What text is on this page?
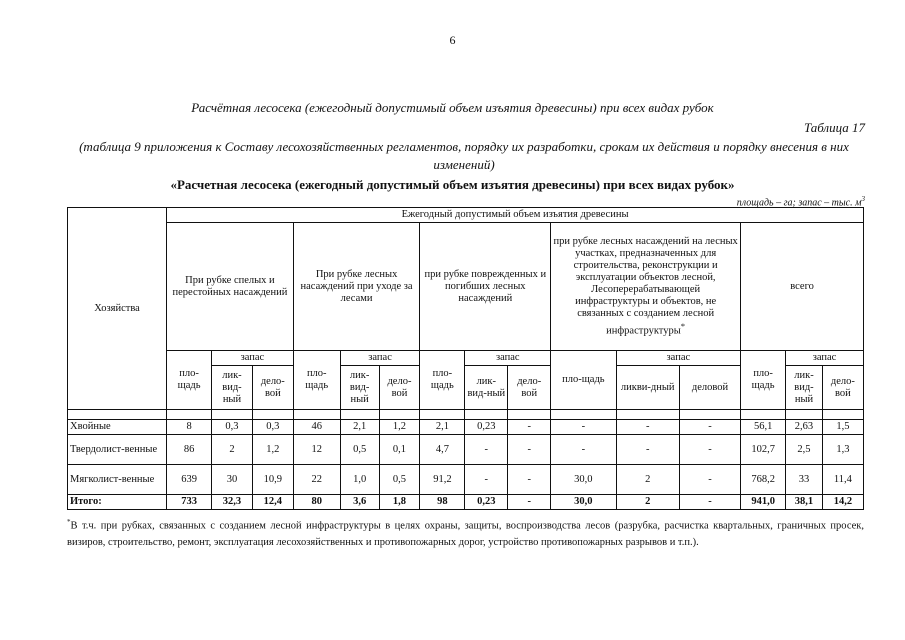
6
Расчётная лесосека (ежегодный допустимый объем изъятия древесины) при всех видах рубок
Таблица 17
(таблица 9 приложения к Составу лесохозяйственных регламентов, порядку их разработки, срокам их действия и порядку внесения в них изменений)
«Расчетная лесосека (ежегодный допустимый объем изъятия древесины) при всех видах рубок»
площадь – га; запас – тыс. $м^3$
Хозяйства	Ежегодный допустимый объем изъятия древесины														
	При рубке спелых и перестойных насаждений			При рубке лесных насаждений при уходе за лесами			при рубке поврежденных и погибших лесных насаждений			при рубке лесных насаждений на лесных участках, предназначенных для строительства, реконструкции и эксплуатации объектов лесной, Лесоперерабатывающей инфраструктуры и объектов, не связанных с созданием лесной инфраструктуры*			всего		
	пло-щадь	запас		пло-щадь	запас		пло-щадь	запас		пло-щадь	запас		пло-щадь	запас	
		лик-вид-ный	дело-вой		лик-вид-ный	дело-вой		лик-вид-ный	дело-вой		ликви-дный	деловой		лик-вид-ный	дело-вой

Хвойные	8	0,3	0,3	46	2,1	1,2	2,1	0,23	-	-	-	-	56,1	2,63	1,5
Твердолист-венные	86	2	1,2	12	0,5	0,1	4,7	-	-	-	-	-	102,7	2,5	1,3
Мягколист-венные	639	30	10,9	22	1,0	0,5	91,2	-	-	30,0	2	-	768,2	33	11,4
Итого:	733	32,3	12,4	80	3,6	1,8	98	0,23	-	30,0	2	-	941,0	38,1	14,2
*В т.ч. при рубках, связанных с созданием лесной инфраструктуры в целях охраны, защиты, воспроизводства лесов (разрубка, расчистка квартальных, граничных просек, визиров, строительство, ремонт, эксплуатация лесохозяйственных и противопожарных дорог, устройство противопожарных разрывов и т.п.).
